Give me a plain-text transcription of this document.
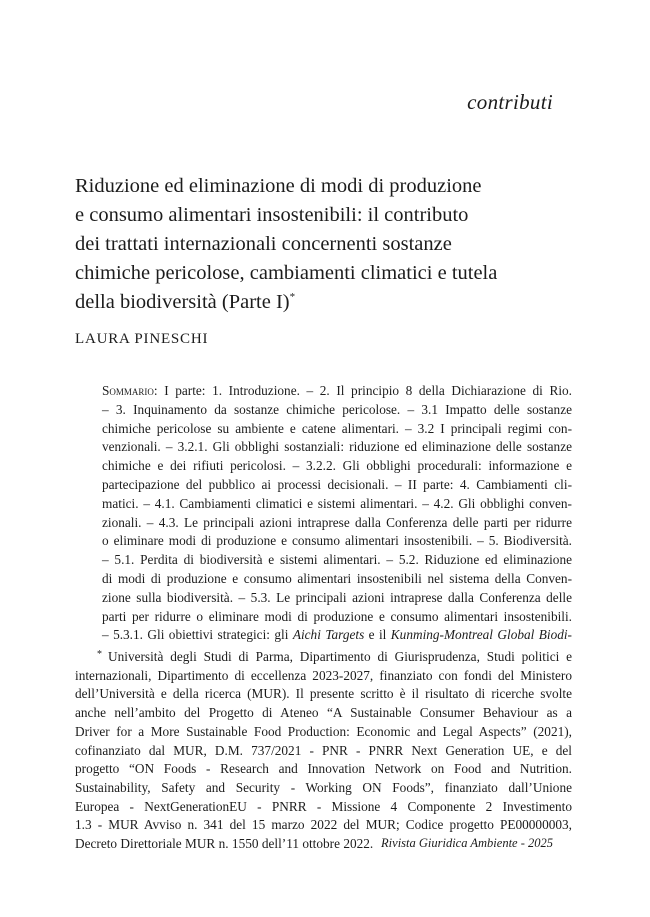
contributi
Riduzione ed eliminazione di modi di produzione
e consumo alimentari insostenibili: il contributo
dei trattati internazionali concernenti sostanze
chimiche pericolose, cambiamenti climatici e tutela
della biodiversità (Parte I)*
LAURA PINESCHI
Sommario: I parte: 1. Introduzione. – 2. Il principio 8 della Dichiarazione di Rio.
– 3. Inquinamento da sostanze chimiche pericolose. – 3.1 Impatto delle sostanze
chimiche pericolose su ambiente e catene alimentari. – 3.2 I principali regimi con-
venzionali. – 3.2.1. Gli obblighi sostanziali: riduzione ed eliminazione delle sostanze
chimiche e dei rifiuti pericolosi. – 3.2.2. Gli obblighi procedurali: informazione e
partecipazione del pubblico ai processi decisionali. – II parte: 4. Cambiamenti cli-
matici. – 4.1. Cambiamenti climatici e sistemi alimentari. – 4.2. Gli obblighi conven-
zionali. – 4.3. Le principali azioni intraprese dalla Conferenza delle parti per ridurre
o eliminare modi di produzione e consumo alimentari insostenibili. – 5. Biodiversità.
– 5.1. Perdita di biodiversità e sistemi alimentari. – 5.2. Riduzione ed eliminazione
di modi di produzione e consumo alimentari insostenibili nel sistema della Conven-
zione sulla biodiversità. – 5.3. Le principali azioni intraprese dalla Conferenza delle
parti per ridurre o eliminare modi di produzione e consumo alimentari insostenibili.
– 5.3.1. Gli obiettivi strategici: gli Aichi Targets e il Kunming-Montreal Global Biodi-
* Università degli Studi di Parma, Dipartimento di Giurisprudenza, Studi politici e
internazionali, Dipartimento di eccellenza 2023-2027, finanziato con fondi del Ministero
dell’Università e della ricerca (MUR). Il presente scritto è il risultato di ricerche svolte
anche nell’ambito del Progetto di Ateneo “A Sustainable Consumer Behaviour as a
Driver for a More Sustainable Food Production: Economic and Legal Aspects” (2021),
cofinanziato dal MUR, D.M. 737/2021 - PNR - PNRR Next Generation UE, e del
progetto “ON Foods - Research and Innovation Network on Food and Nutrition.
Sustainability, Safety and Security - Working ON Foods”, finanziato dall’Unione
Europea - NextGenerationEU - PNRR - Missione 4 Componente 2 Investimento
1.3 - MUR Avviso n. 341 del 15 marzo 2022 del MUR; Codice progetto PE00000003,
Decreto Direttoriale MUR n. 1550 dell’11 ottobre 2022. Rivista Giuridica Ambiente - 2025
